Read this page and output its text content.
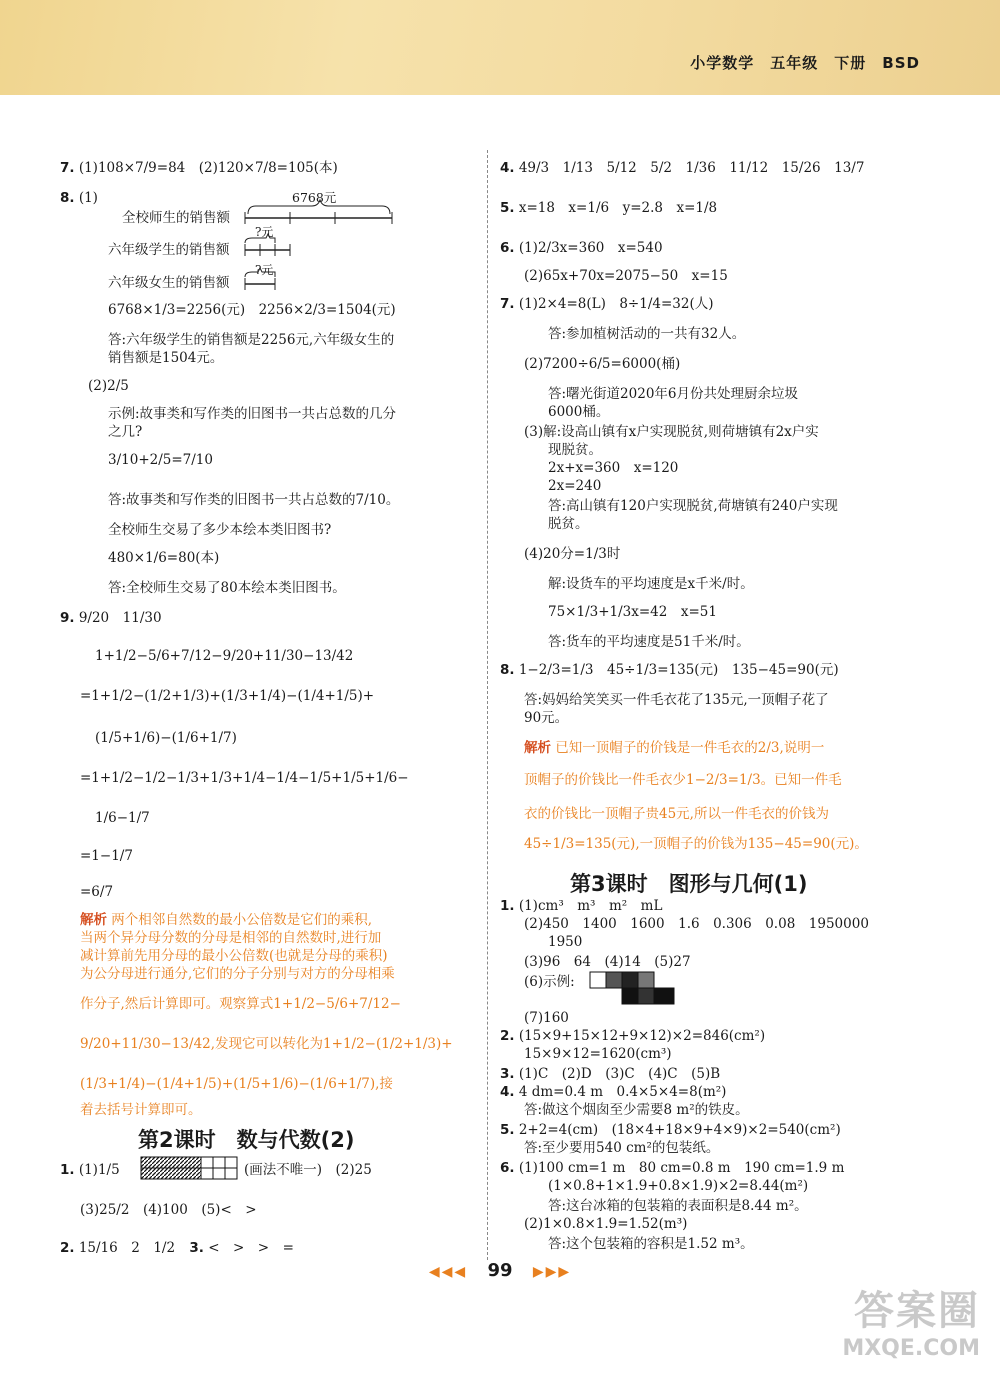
小学数学　五年级　下册　BSD
7. (1)108×7/9=84　(2)120×7/8=105(本)
8. (1)	6768元
全校师生的销售额
六年级学生的销售额
六年级女生的销售额
?元
?元
6768×1/3=2256(元)　2256×2/3=1504(元)
答:六年级学生的销售额是2256元,六年级女生的
销售额是1504元。
(2)2/5
示例:故事类和写作类的旧图书一共占总数的几分
之几?
3/10+2/5=7/10
答:故事类和写作类的旧图书一共占总数的7/10。
全校师生交易了多少本绘本类旧图书?
480×1/6=80(本)
答:全校师生交易了80本绘本类旧图书。
9. 9/20　11/30
1+1/2−5/6+7/12−9/20+11/30−13/42
=1+1/2−(1/2+1/3)+(1/3+1/4)−(1/4+1/5)+
(1/5+1/6)−(1/6+1/7)
=1+1/2−1/2−1/3+1/3+1/4−1/4−1/5+1/5+1/6−
1/6−1/7
=1−1/7
=6/7
解析 两个相邻自然数的最小公倍数是它们的乘积,
当两个异分母分数的分母是相邻的自然数时,进行加
减计算前先用分母的最小公倍数(也就是分母的乘积)
为公分母进行通分,它们的分子分别与对方的分母相乘
作分子,然后计算即可。观察算式1+1/2−5/6+7/12−
9/20+11/30−13/42,发现它可以转化为1+1/2−(1/2+1/3)+
(1/3+1/4)−(1/4+1/5)+(1/5+1/6)−(1/6+1/7),接
着去括号计算即可。
第2课时　数与代数(2)
1. (1)1/5	(画法不唯一)　(2)25
(3)25/2　(4)100　(5)<　>
2. 15/16　2　1/2 3. <　>　>　=
4. 49/3　1/13　5/12　5/2　1/36　11/12　15/26　13/7
5. x=18　x=1/6　y=2.8　x=1/8
6. (1)2/3x=360　x=540
(2)65x+70x=2075−50　x=15
7. (1)2×4=8(L)　8÷1/4=32(人)
答:参加植树活动的一共有32人。
(2)7200÷6/5=6000(桶)
答:曙光街道2020年6月份共处理厨余垃圾
6000桶。
(3)解:设高山镇有x户实现脱贫,则荷塘镇有2x户实
现脱贫。
2x+x=360　x=120
2x=240
答:高山镇有120户实现脱贫,荷塘镇有240户实现
脱贫。
(4)20分=1/3时
解:设货车的平均速度是x千米/时。
75×1/3+1/3x=42　x=51
答:货车的平均速度是51千米/时。
8. 1−2/3=1/3　45÷1/3=135(元)　135−45=90(元)
答:妈妈给笑笑买一件毛衣花了135元,一顶帽子花了
90元。
解析 已知一顶帽子的价钱是一件毛衣的2/3,说明一
顶帽子的价钱比一件毛衣少1−2/3=1/3。已知一件毛
衣的价钱比一顶帽子贵45元,所以一件毛衣的价钱为
45÷1/3=135(元),一顶帽子的价钱为135−45=90(元)。
第3课时　图形与几何(1)
1. (1)cm³　m³　m²　mL
(2)450　1400　1600　1.6　0.306　0.08　1950000
1950
(3)96　64　(4)14　(5)27
(6)示例:
(7)160
2. (15×9+15×12+9×12)×2=846(cm²)
15×9×12=1620(cm³)
3. (1)C　(2)D　(3)C　(4)C　(5)B
4. 4 dm=0.4 m　0.4×5×4=8(m²)
答:做这个烟囱至少需要8 m²的铁皮。
5. 2+2=4(cm)　(18×4+18×9+4×9)×2=540(cm²)
答:至少要用540 cm²的包装纸。
6. (1)100 cm=1 m　80 cm=0.8 m　190 cm=1.9 m
(1×0.8+1×1.9+0.8×1.9)×2=8.44(m²)
答:这台冰箱的包装箱的表面积是8.44 m²。
(2)1×0.8×1.9=1.52(m³)
答:这个包装箱的容积是1.52 m³。
◀◀◀ 99 ▶▶▶
答案圈
MXQE.COM
